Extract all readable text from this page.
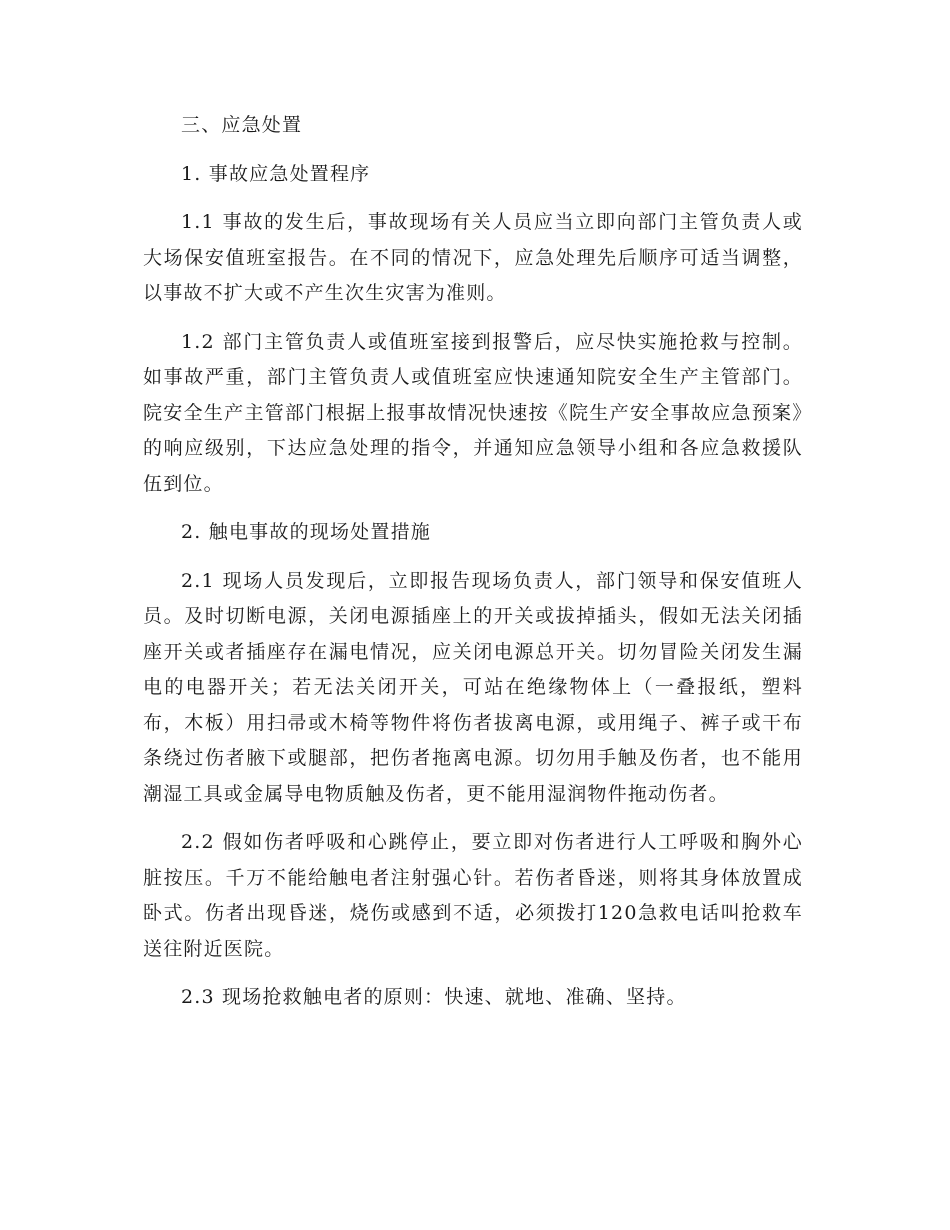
三、应急处置

1. 事故应急处置程序

1.1 事故的发生后，事故现场有关人员应当立即向部门主管负责人或大场保安值班室报告。在不同的情况下，应急处理先后顺序可适当调整，以事故不扩大或不产生次生灾害为准则。

1.2 部门主管负责人或值班室接到报警后，应尽快实施抢救与控制。如事故严重，部门主管负责人或值班室应快速通知院安全生产主管部门。院安全生产主管部门根据上报事故情况快速按《院生产安全事故应急预案》的响应级别，下达应急处理的指令，并通知应急领导小组和各应急救援队伍到位。

2. 触电事故的现场处置措施

2.1 现场人员发现后，立即报告现场负责人，部门领导和保安值班人员。及时切断电源，关闭电源插座上的开关或拔掉插头，假如无法关闭插座开关或者插座存在漏电情况，应关闭电源总开关。切勿冒险关闭发生漏电的电器开关；若无法关闭开关，可站在绝缘物体上（一叠报纸，塑料布，木板）用扫帚或木椅等物件将伤者拔离电源，或用绳子、裤子或干布条绕过伤者腋下或腿部，把伤者拖离电源。切勿用手触及伤者，也不能用潮湿工具或金属导电物质触及伤者，更不能用湿润物件拖动伤者。

2.2 假如伤者呼吸和心跳停止，要立即对伤者进行人工呼吸和胸外心脏按压。千万不能给触电者注射强心针。若伤者昏迷，则将其身体放置成卧式。伤者出现昏迷，烧伤或感到不适，必须拨打120急救电话叫抢救车送往附近医院。

2.3 现场抢救触电者的原则：快速、就地、准确、坚持。
